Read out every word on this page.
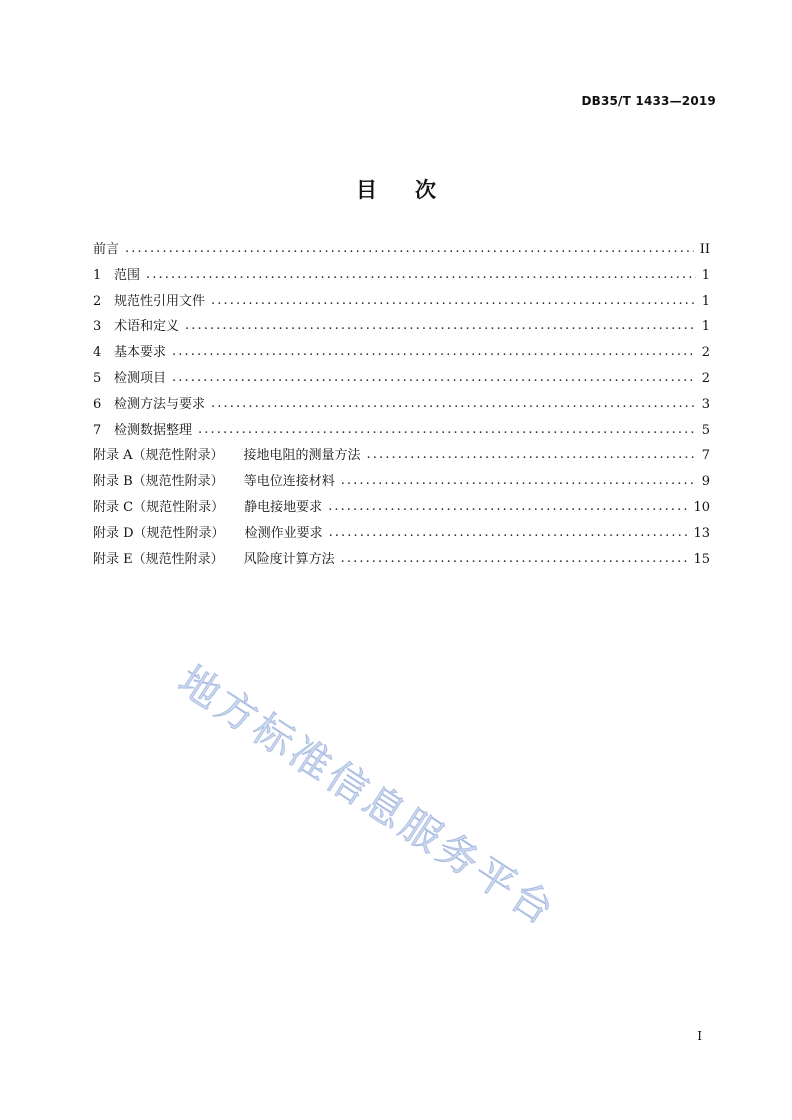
DB35/T 1433—2019
目 次
前言 .....	II
1 范围 .....	1
2 规范性引用文件 .....	1
3 术语和定义 .....	1
4 基本要求 .....	2
5 检测项目 .....	2
6 检测方法与要求 .....	3
7 检测数据整理 .....	5
附录 A（规范性附录） 接地电阻的测量方法 .....	7
附录 B（规范性附录） 等电位连接材料 .....	9
附录 C（规范性附录） 静电接地要求 .....	10
附录 D（规范性附录） 检测作业要求 .....	13
附录 E（规范性附录） 风险度计算方法 .....	15
地方标准信息服务平台
I
